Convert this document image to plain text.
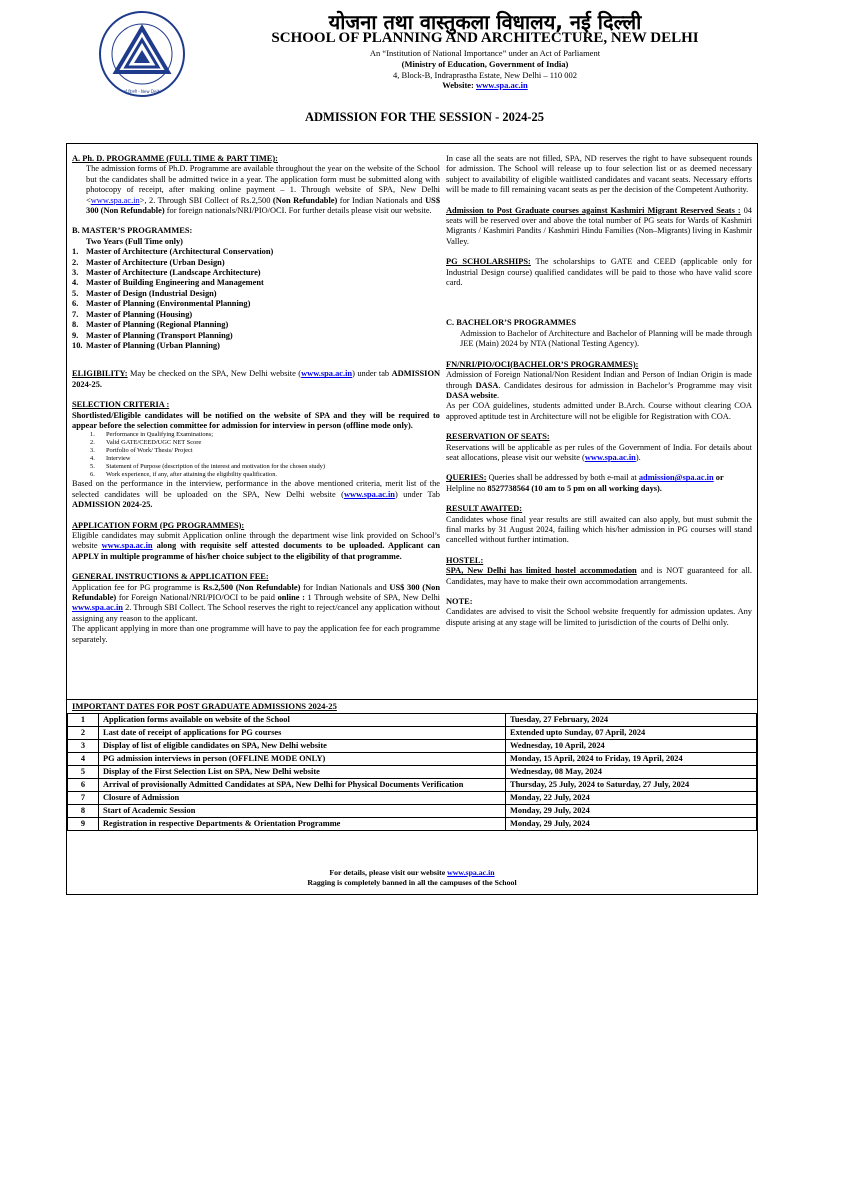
नई दिल्ली - New Delhi
योजना तथा वास्तुकला विधालय, नई दिल्ली
SCHOOL OF PLANNING AND ARCHITECTURE, NEW DELHI
An “Institution of National Importance” under an Act of Parliament
(Ministry of Education, Government of India)
4, Block-B, Indraprastha Estate, New Delhi – 110 002
Website: www.spa.ac.in
ADMISSION FOR THE SESSION - 2024-25

A. Ph. D. PROGRAMME (FULL TIME & PART TIME):

The admission forms of Ph.D. Programme are available throughout the year on the website of the School but the candidates shall be admitted twice in a year. The application form must be submitted along with photocopy of receipt, after making online payment – 1. Through website of SPA, New Delhi <www.spa.ac.in>, 2. Through SBI Collect of Rs.2,500 (Non Refundable) for Indian Nationals and US$ 300 (Non Refundable) for foreign nationals/NRI/PIO/OCI. For further details please visit our website.

B. MASTER’S PROGRAMMES:

Two Years (Full Time only)

1. Master of Architecture (Architectural Conservation)
2. Master of Architecture (Urban Design)
3. Master of Architecture (Landscape Architecture)
4. Master of Building Engineering and Management
5. Master of Design (Industrial Design)
6. Master of Planning (Environmental Planning)
7. Master of Planning (Housing)
8. Master of Planning (Regional Planning)
9. Master of Planning (Transport Planning)
10. Master of Planning (Urban Planning)

ELIGIBILITY: May be checked on the SPA, New Delhi website (www.spa.ac.in) under tab ADMISSION 2024-25.

SELECTION CRITERIA :

Shortlisted/Eligible candidates will be notified on the website of SPA and they will be required to appear before the selection committee for admission for interview in person (offline mode only).

1.	Performance in Qualifying Examinations;
2.	Valid GATE/CEED/UGC NET Score
3.	Portfolio of Work/ Thesis/ Project
4.	Interview
5.	Statement of Purpose (description of the interest and motivation for the chosen study)
6.	Work experience, if any, after attaining the eligibility qualification.

Based on the performance in the interview, performance in the above mentioned criteria, merit list of the selected candidates will be uploaded on the SPA, New Delhi website (www.spa.ac.in) under Tab ADMISSION 2024-25.

APPLICATION FORM (PG PROGRAMMES):

Eligible candidates may submit Application online through the department wise link provided on School’s website www.spa.ac.in along with requisite self attested documents to be uploaded. Applicant can APPLY in multiple programme of his/her choice subject to the eligibility of that programme.

GENERAL INSTRUCTIONS & APPLICATION FEE:

Application fee for PG programme is Rs.2,500 (Non Refundable) for Indian Nationals and US$ 300 (Non Refundable) for Foreign National/NRI/PIO/OCI to be paid online : 1 Through website of SPA, New Delhi www.spa.ac.in 2. Through SBI Collect. The School reserves the right to reject/cancel any application without assigning any reason to the applicant.

The applicant applying in more than one programme will have to pay the application fee for each programme separately.

In case all the seats are not filled, SPA, ND reserves the right to have subsequent rounds for admission. The School will release up to four selection list or as deemed necessary subject to availability of eligible waitlisted candidates and vacant seats. Necessary efforts will be made to fill remaining vacant seats as per the decision of the Competent Authority.

Admission to Post Graduate courses against Kashmiri Migrant Reserved Seats : 04 seats will be reserved over and above the total number of PG seats for Wards of Kashmiri Migrants / Kashmiri Pandits / Kashmiri Hindu Families (Non–Migrants) living in Kashmir Valley.

PG SCHOLARSHIPS: The scholarships to GATE and CEED (applicable only for Industrial Design course) qualified candidates will be paid to those who have valid score card.

C. BACHELOR’S PROGRAMMES

Admission to Bachelor of Architecture and Bachelor of Planning will be made through JEE (Main) 2024 by NTA (National Testing Agency).

FN/NRI/PIO/OCI(BACHELOR’S PROGRAMMES):

Admission of Foreign National/Non Resident Indian and Person of Indian Origin is made through DASA. Candidates desirous for admission in Bachelor’s Programme may visit DASA website.

As per COA guidelines, students admitted under B.Arch. Course without clearing COA approved aptitude test in Architecture will not be eligible for Registration with COA.

RESERVATION OF SEATS:

Reservations will be applicable as per rules of the Government of India. For details about seat allocations, please visit our website (www.spa.ac.in).

QUERIES: Queries shall be addressed by both e-mail at admission@spa.ac.in or

Helpline no 8527738564 (10 am to 5 pm on all working days).

RESULT AWAITED:

Candidates whose final year results are still awaited can also apply, but must submit the final marks by 31 August 2024, failing which his/her admission in PG courses will stand cancelled without further intimation.

HOSTEL:

SPA, New Delhi has limited hostel accommodation and is NOT guaranteed for all. Candidates, may have to make their own accommodation arrangements.

NOTE:

Candidates are advised to visit the School website frequently for admission updates. Any dispute arising at any stage will be limited to jurisdiction of the courts of Delhi only.

IMPORTANT DATES FOR POST GRADUATE ADMISSIONS 2024-25
1	Application forms available on website of the School	Tuesday, 27 February, 2024
2	Last date of receipt of applications for PG courses	Extended upto Sunday, 07 April, 2024
3	Display of list of eligible candidates on SPA, New Delhi website	Wednesday, 10 April, 2024
4	PG admission interviews in person (OFFLINE MODE ONLY)	Monday, 15 April, 2024 to Friday, 19 April, 2024
5	Display of the First Selection List on SPA, New Delhi website	Wednesday, 08 May, 2024
6	Arrival of provisionally Admitted Candidates at SPA, New Delhi for Physical Documents Verification	Thursday, 25 July, 2024 to Saturday, 27 July, 2024
7	Closure of Admission	Monday, 22 July, 2024
8	Start of Academic Session	Monday, 29 July, 2024
9	Registration in respective Departments & Orientation Programme	Monday, 29 July, 2024
For details, please visit our website www.spa.ac.in
Ragging is completely banned in all the campuses of the School
